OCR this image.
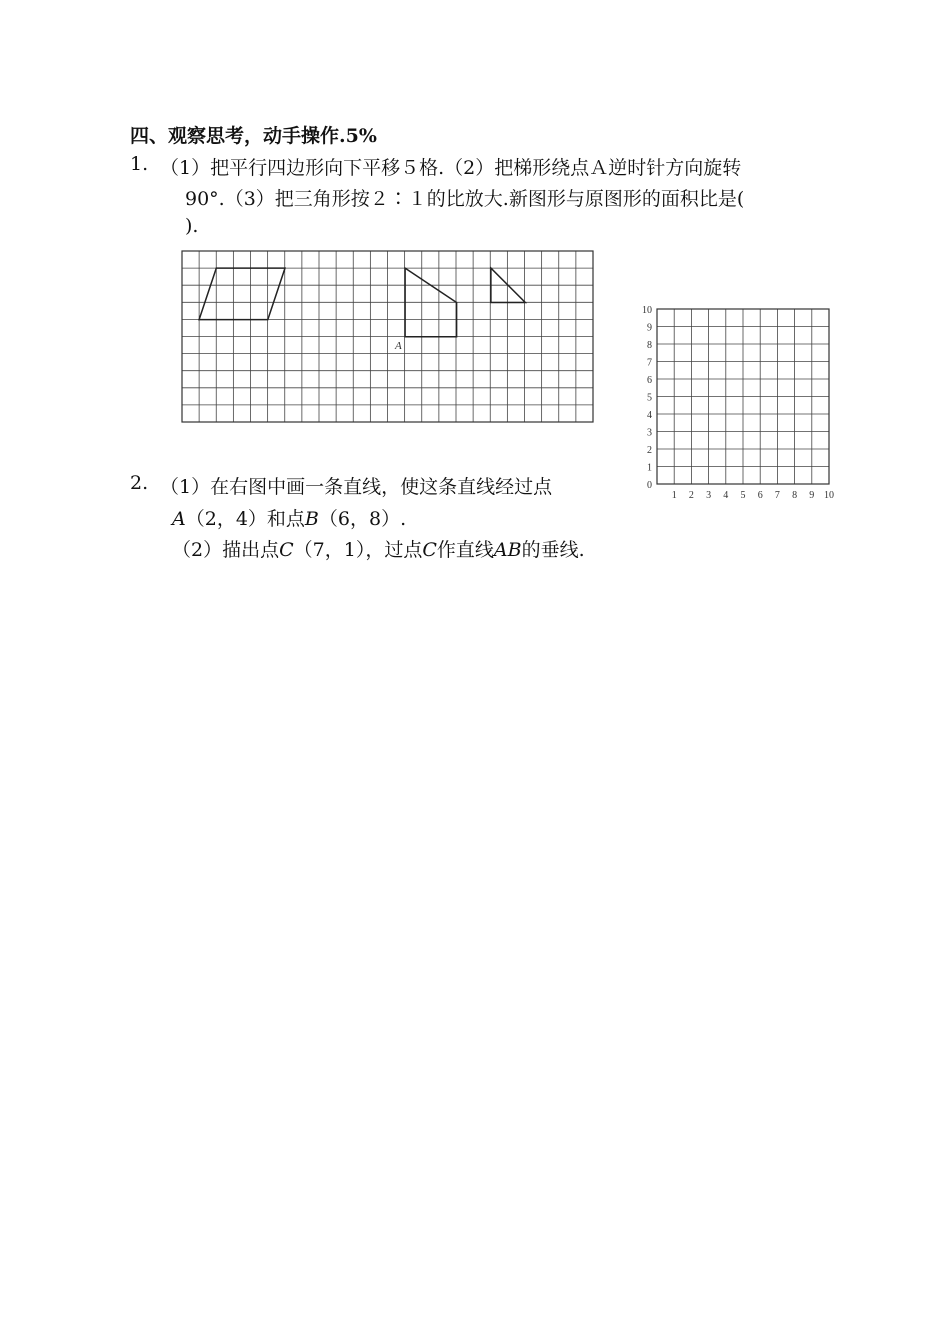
四、观察思考，动手操作.5%
1. （1）把平行四边形向下平移５格.（2）把梯形绕点Ａ逆时针方向旋转
90°.（3）把三角形按２∶１的比放大.新图形与原图形的面积比是(
).
A
2. （1）在右图中画一条直线，使这条直线经过点
A（2，4）和点B（6，8）.
（2）描出点C（7，1），过点C作直线AB的垂线.
0
1
2
3
4
5
6
7
8
9
10
1 2 3 4 5 6 7 8 9 10
